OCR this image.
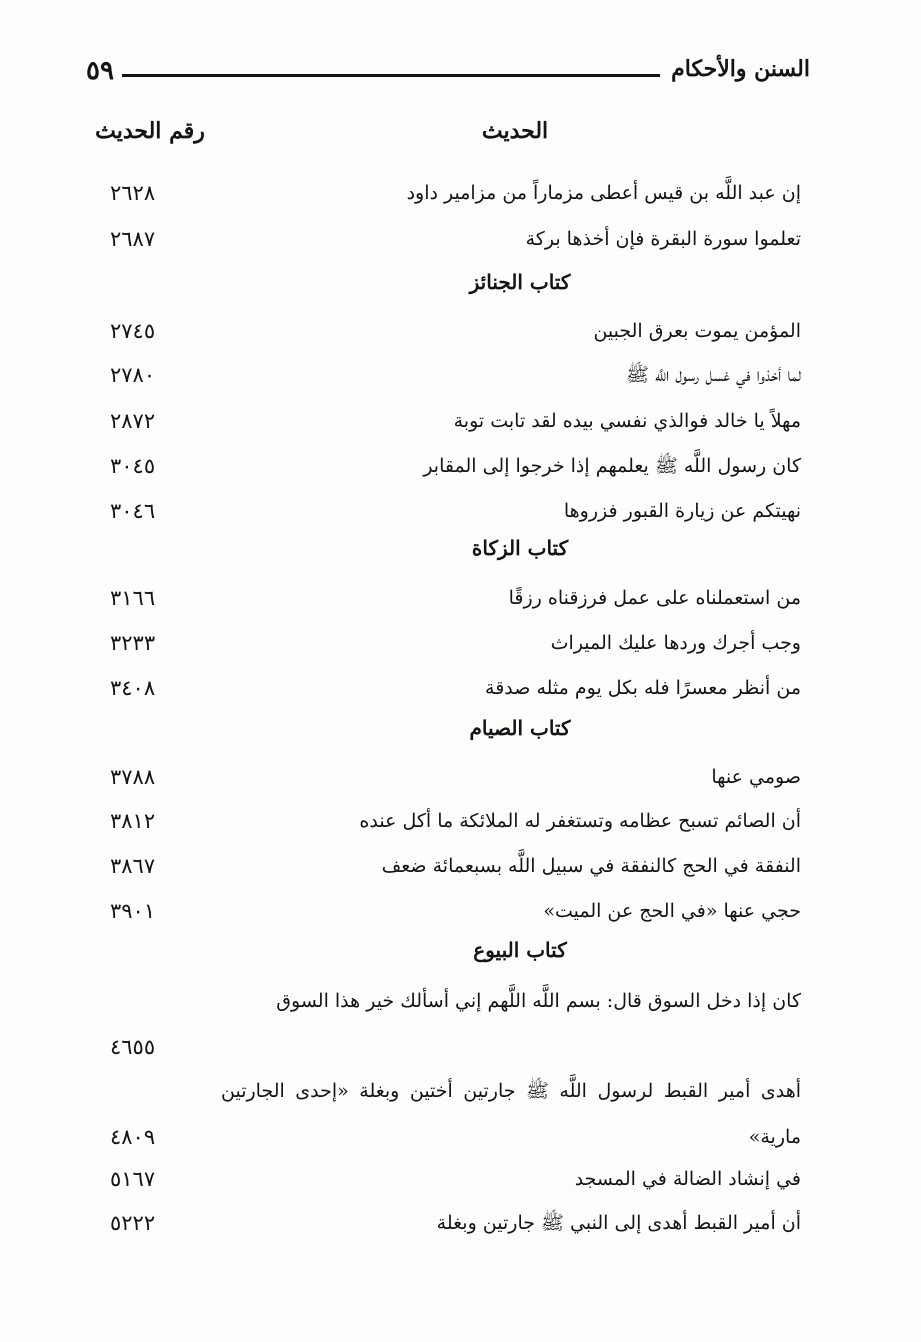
٥٩	السنن والأحكام
الحديث
رقم الحديث
إن عبد اللَّه بن قيس أعطى مزماراً من مزامير داود
٢٦٢٨
تعلموا سورة البقرة فإن أخذها بركة
٢٦٨٧
كتاب الجنائز
المؤمن يموت بعرق الجبين
٢٧٤٥
لما أخذوا في غسل رسول اللَّه ﷺ
٢٧٨٠
مهلاً يا خالد فوالذي نفسي بيده لقد تابت توبة
٢٨٧٢
كان رسول اللَّه ﷺ يعلمهم إذا خرجوا إلى المقابر
٣٠٤٥
نهيتكم عن زيارة القبور فزروها
٣٠٤٦
كتاب الزكاة
من استعملناه على عمل فرزقناه رزقًا
٣١٦٦
وجب أجرك وردها عليك الميراث
٣٢٣٣
من أنظر معسرًا فله بكل يوم مثله صدقة
٣٤٠٨
كتاب الصيام
صومي عنها
٣٧٨٨
أن الصائم تسبح عظامه وتستغفر له الملائكة ما أكل عنده
٣٨١٢
النفقة في الحج كالنفقة في سبيل اللَّه بسبعمائة ضعف
٣٨٦٧
حجي عنها «في الحج عن الميت»
٣٩٠١
كتاب البيوع
كان إذا دخل السوق قال: بسم اللَّه اللَّهم إني أسألك خير هذا السوق
٤٦٥٥
أهدى أمير القبط لرسول اللَّه ﷺ جارتين أختين وبغلة «إحدى الجارتين مارية»
٤٨٠٩
في إنشاد الضالة في المسجد
٥١٦٧
أن أمير القبط أهدى إلى النبي ﷺ جارتين وبغلة
٥٢٢٢
